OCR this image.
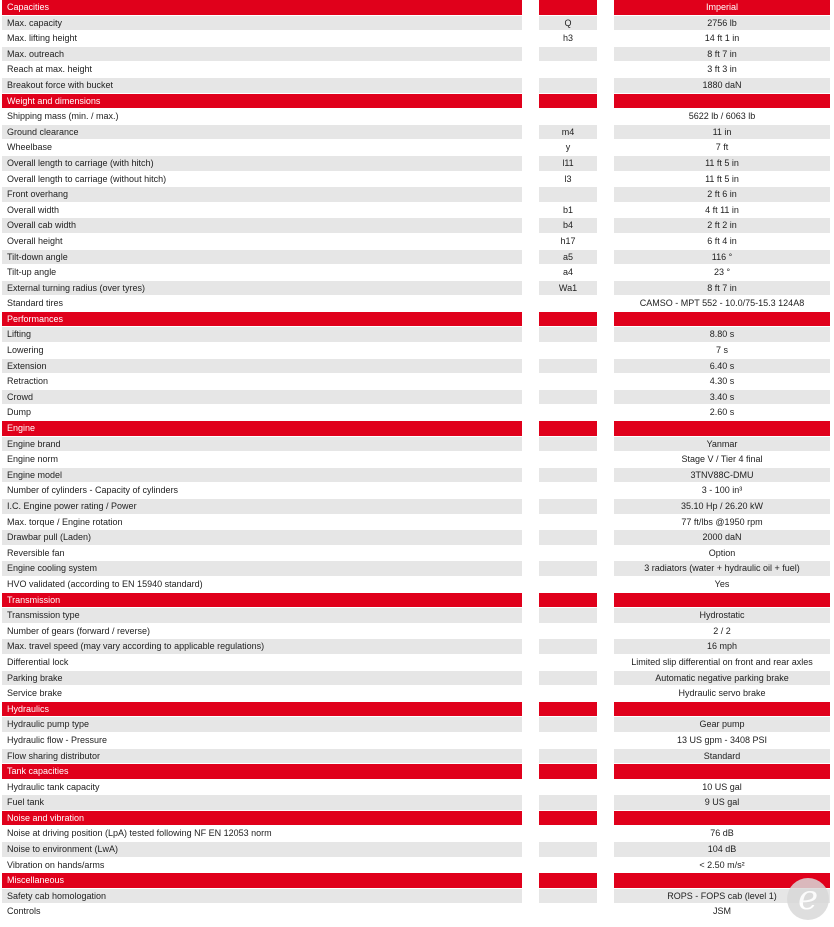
Capacities	Imperial
Max. capacity	Q	2756 lb
Max. lifting height	h3	14 ft 1 in
Max. outreach	8 ft 7 in
Reach at max. height	3 ft 3 in
Breakout force with bucket	1880 daN
Weight and dimensions
Shipping mass (min. / max.)	5622 lb / 6063 lb
Ground clearance	m4	11 in
Wheelbase	y	7 ft
Overall length to carriage (with hitch)	l11	11 ft 5 in
Overall length to carriage (without hitch)	l3	11 ft 5 in
Front overhang	2 ft 6 in
Overall width	b1	4 ft 11 in
Overall cab width	b4	2 ft 2 in
Overall height	h17	6 ft 4 in
Tilt-down angle	a5	116 °
Tilt-up angle	a4	23 °
External turning radius (over tyres)	Wa1	8 ft 7 in
Standard tires	CAMSO - MPT 552 - 10.0/75-15.3 124A8
Performances
Lifting	8.80 s
Lowering	7 s
Extension	6.40 s
Retraction	4.30 s
Crowd	3.40 s
Dump	2.60 s
Engine
Engine brand	Yanmar
Engine norm	Stage V / Tier 4 final
Engine model	3TNV88C-DMU
Number of cylinders - Capacity of cylinders	3 - 100 in³
I.C. Engine power rating / Power	35.10 Hp / 26.20 kW
Max. torque / Engine rotation	77 ft/lbs @1950 rpm
Drawbar pull (Laden)	2000 daN
Reversible fan	Option
Engine cooling system	3 radiators (water + hydraulic oil + fuel)
HVO validated (according to EN 15940 standard)	Yes
Transmission
Transmission type	Hydrostatic
Number of gears (forward / reverse)	2 / 2
Max. travel speed (may vary according to applicable regulations)	16 mph
Differential lock	Limited slip differential on front and rear axles
Parking brake	Automatic negative parking brake
Service brake	Hydraulic servo brake
Hydraulics
Hydraulic pump type	Gear pump
Hydraulic flow - Pressure	13 US gpm - 3408 PSI
Flow sharing distributor	Standard
Tank capacities
Hydraulic tank capacity	10 US gal
Fuel tank	9 US gal
Noise and vibration
Noise at driving position (LpA) tested following NF EN 12053 norm	76 dB
Noise to environment (LwA)	104 dB
Vibration on hands/arms	< 2.50 m/s²
Miscellaneous
Safety cab homologation	ROPS - FOPS cab (level 1)
Controls	JSM	e
